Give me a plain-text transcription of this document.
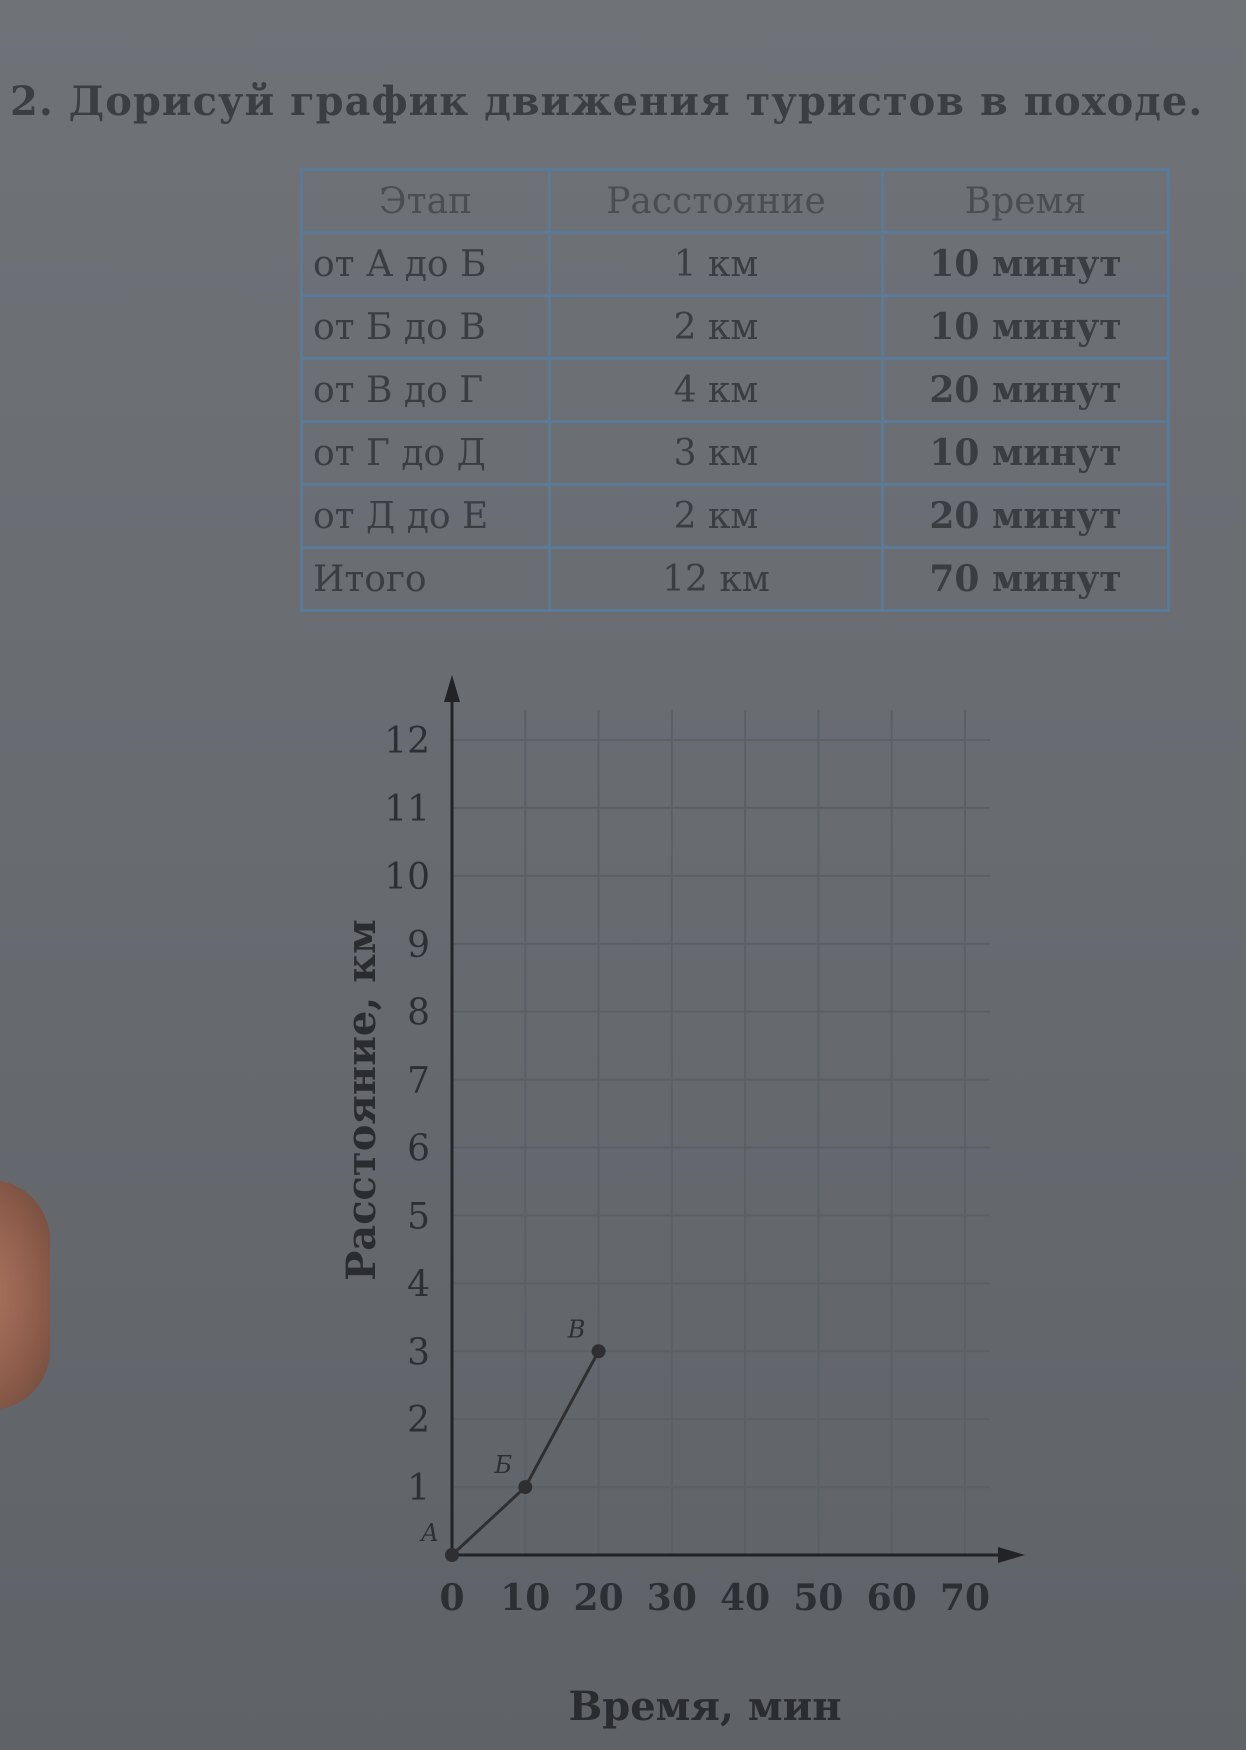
2. Дорисуй график движения туристов в походе.
Этап	Расстояние	Время
от А до Б	1 км	10 минут
от Б до В	2 км	10 минут
от В до Г	4 км	20 минут
от Г до Д	3 км	10 минут
от Д до Е	2 км	20 минут
Итого	12 км	70 минут
1
2
3
4
5
6
7
8
9
10
11
12
0 10 20 30 40 50 60 70
А
Б
В
Время, мин
Расстояние, км
